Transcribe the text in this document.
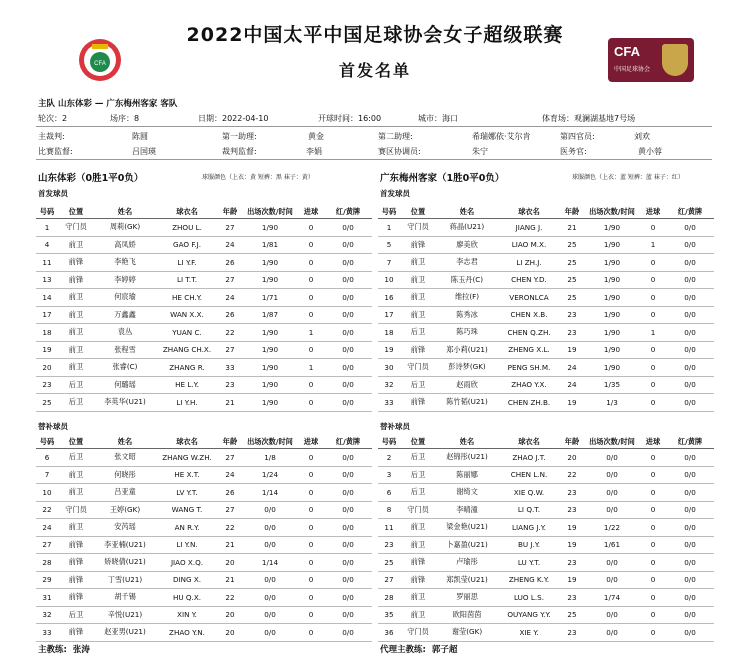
CFA
2022中国太平中国足球协会女子超级联赛
首发名单
CFA
中国足球协会
主队 山东体彩 — 广东梅州客家 客队
轮次：2	场序：8	日期：2022-04-10	开球时间：16:00	城市：海口	体育场：观澜湖基地7号场
主裁判:	陈圆	第一助理:	黄金	第二助理:	希瑞娜依·艾尔肯	第四官员:	刘欢
比赛监督:	吕国瑛	裁判监督:	李娟	赛区协调员:	朱宁	医务官:	黄小蓉
山东体彩（0胜1平0负）	球服颜色（上衣：黄 短裤：黑 袜子：黄）	广东梅州客家（1胜0平0负）	球服颜色（上衣：蓝 短裤：蓝 袜子：红）
首发球员	首发球员
号码	位置	姓名	球衣名	年龄	出场次数/时间	进球	红/黄牌
1	守门员	周莉(GK)	ZHOU L.	27	1/90	0	0/0
4	前卫	高凤娇	GAO F.J.	24	1/81	0	0/0
11	前锋	李艳飞	LI Y.F.	26	1/90	0	0/0
13	前锋	李婷婷	LI T.T.	27	1/90	0	0/0
14	前卫	何宸瑜	HE CH.Y.	24	1/71	0	0/0
17	前卫	万鑫鑫	WAN X.X.	26	1/87	0	0/0
18	前卫	袁丛	YUAN C.	22	1/90	1	0/0
19	前卫	张程雪	ZHANG CH.X.	27	1/90	0	0/0
20	前卫	张睿(C)	ZHANG R.	33	1/90	1	0/0
23	后卫	何璐瑶	HE L.Y.	23	1/90	0	0/0
25	后卫	李英华(U21)	LI Y.H.	21	1/90	0	0/0
号码	位置	姓名	球衣名	年龄	出场次数/时间	进球	红/黄牌
1	守门员	蒋晶(U21)	JIANG J.	21	1/90	0	0/0
5	前锋	廖美欣	LIAO M.X.	25	1/90	1	0/0
7	前卫	李志君	LI ZH.J.	25	1/90	0	0/0
10	前卫	陈玉丹(C)	CHEN Y.D.	25	1/90	0	0/0
16	前卫	维拉(F)	VERONLCA	25	1/90	0	0/0
17	前卫	陈秀冰	CHEN X.B.	23	1/90	0	0/0
18	后卫	陈巧珠	CHEN Q.ZH.	23	1/90	1	0/0
19	前锋	郑小莉(U21)	ZHENG X.L.	19	1/90	0	0/0
30	守门员	彭诗梦(GK)	PENG SH.M.	24	1/90	0	0/0
32	后卫	赵雨欣	ZHAO Y.X.	24	1/35	0	0/0
33	前锋	陈竹韬(U21)	CHEN ZH.B.	19	1/3	0	0/0
替补球员	替补球员
号码	位置	姓名	球衣名	年龄	出场次数/时间	进球	红/黄牌
6	后卫	张文昭	ZHANG W.ZH.	27	1/8	0	0/0
7	前卫	何晓彤	HE X.T.	24	1/24	0	0/0
10	前卫	吕亚童	LV Y.T.	26	1/14	0	0/0
22	守门员	王婷(GK)	WANG T.	27	0/0	0	0/0
24	前卫	安芮瑶	AN R.Y.	22	0/0	0	0/0
27	前锋	李亚楠(U21)	LI Y.N.	21	0/0	0	0/0
28	前锋	矫晓倩(U21)	JIAO X.Q.	20	1/14	0	0/0
29	前锋	丁雪(U21)	DING X.	21	0/0	0	0/0
31	前锋	胡千锡	HU Q.X.	22	0/0	0	0/0
32	后卫	辛悦(U21)	XIN Y.	20	0/0	0	0/0
33	前锋	赵亚男(U21)	ZHAO Y.N.	20	0/0	0	0/0
号码	位置	姓名	球衣名	年龄	出场次数/时间	进球	红/黄牌
2	后卫	赵锦彤(U21)	ZHAO J.T.	20	0/0	0	0/0
3	后卫	陈丽娜	CHEN L.N.	22	0/0	0	0/0
6	后卫	谢绮文	XIE Q.W.	23	0/0	0	0/0
8	守门员	李晴潼	LI Q.T.	23	0/0	0	0/0
11	前卫	梁金艳(U21)	LIANG J.Y.	19	1/22	0	0/0
23	前卫	卜嘉盈(U21)	BU J.Y.	19	1/61	0	0/0
25	前锋	卢瑜彤	LU Y.T.	23	0/0	0	0/0
27	前锋	郑凯莹(U21)	ZHENG K.Y.	19	0/0	0	0/0
28	前卫	罗丽思	LUO L.S.	23	1/74	0	0/0
35	前卫	欧阳茵茵	OUYANG Y.Y.	25	0/0	0	0/0
36	守门员	谢莹(GK)	XIE Y.	23	0/0	0	0/0
主教练: 张涛	代理主教练: 郭子超
